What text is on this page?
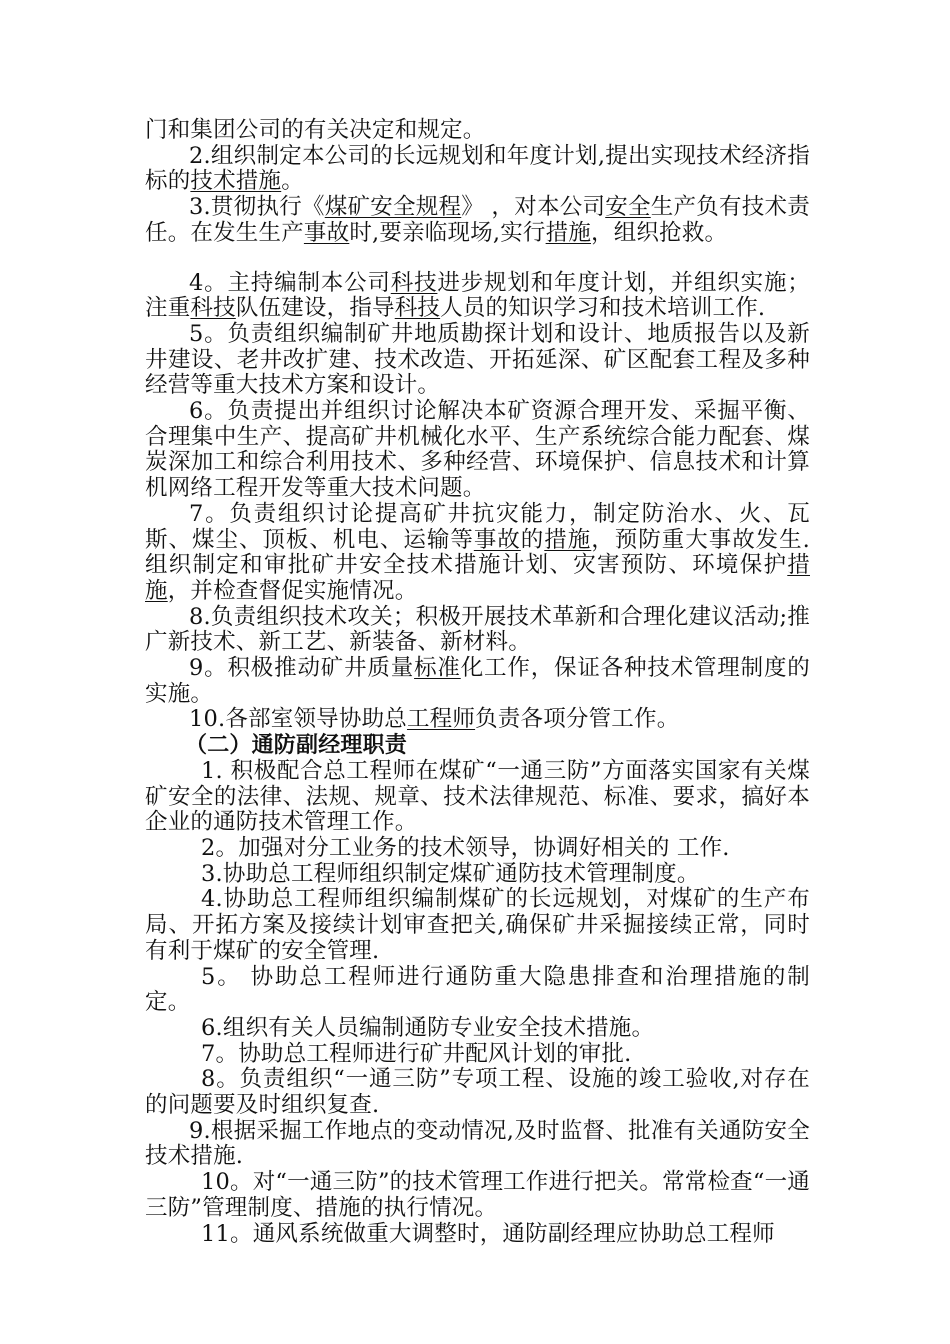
门和集团公司的有关决定和规定。

2.组织制定本公司的长远规划和年度计划,提出实现技术经济指标的技术措施。

3.贯彻执行《煤矿安全规程》 ，对本公司安全生产负有技术责任。在发生生产事故时,要亲临现场,实行措施，组织抢救。

4。主持编制本公司科技进步规划和年度计划，并组织实施；注重科技队伍建设，指导科技人员的知识学习和技术培训工作.

5。负责组织编制矿井地质勘探计划和设计、地质报告以及新井建设、老井改扩建、技术改造、开拓延深、矿区配套工程及多种经营等重大技术方案和设计。

6。负责提出并组织讨论解决本矿资源合理开发、采掘平衡、合理集中生产、提高矿井机械化水平、生产系统综合能力配套、煤炭深加工和综合利用技术、多种经营、环境保护、信息技术和计算机网络工程开发等重大技术问题。

7。负责组织讨论提高矿井抗灾能力，制定防治水、火、瓦斯、煤尘、顶板、机电、运输等事故的措施，预防重大事故发生.组织制定和审批矿井安全技术措施计划、灾害预防、环境保护措施，并检查督促实施情况。

8.负责组织技术攻关；积极开展技术革新和合理化建议活动;推广新技术、新工艺、新装备、新材料。

9。积极推动矿井质量标准化工作，保证各种技术管理制度的实施。

10.各部室领导协助总工程师负责各项分管工作。

（二）通防副经理职责

1. 积极配合总工程师在煤矿“一通三防”方面落实国家有关煤矿安全的法律、法规、规章、技术法律规范、标准、要求，搞好本企业的通防技术管理工作。

2。加强对分工业务的技术领导，协调好相关的 工作.

3.协助总工程师组织制定煤矿通防技术管理制度。

4.协助总工程师组织编制煤矿的长远规划，对煤矿的生产布局、开拓方案及接续计划审查把关,确保矿井采掘接续正常，同时有利于煤矿的安全管理.

5。 协助总工程师进行通防重大隐患排查和治理措施的制定。

6.组织有关人员编制通防专业安全技术措施。

7。协助总工程师进行矿井配风计划的审批.

8。负责组织“一通三防”专项工程、设施的竣工验收,对存在的问题要及时组织复查.

9.根据采掘工作地点的变动情况,及时监督、批准有关通防安全技术措施.

10。对“一通三防”的技术管理工作进行把关。常常检查“一通三防”管理制度、措施的执行情况。

11。通风系统做重大调整时，通防副经理应协助总工程师
